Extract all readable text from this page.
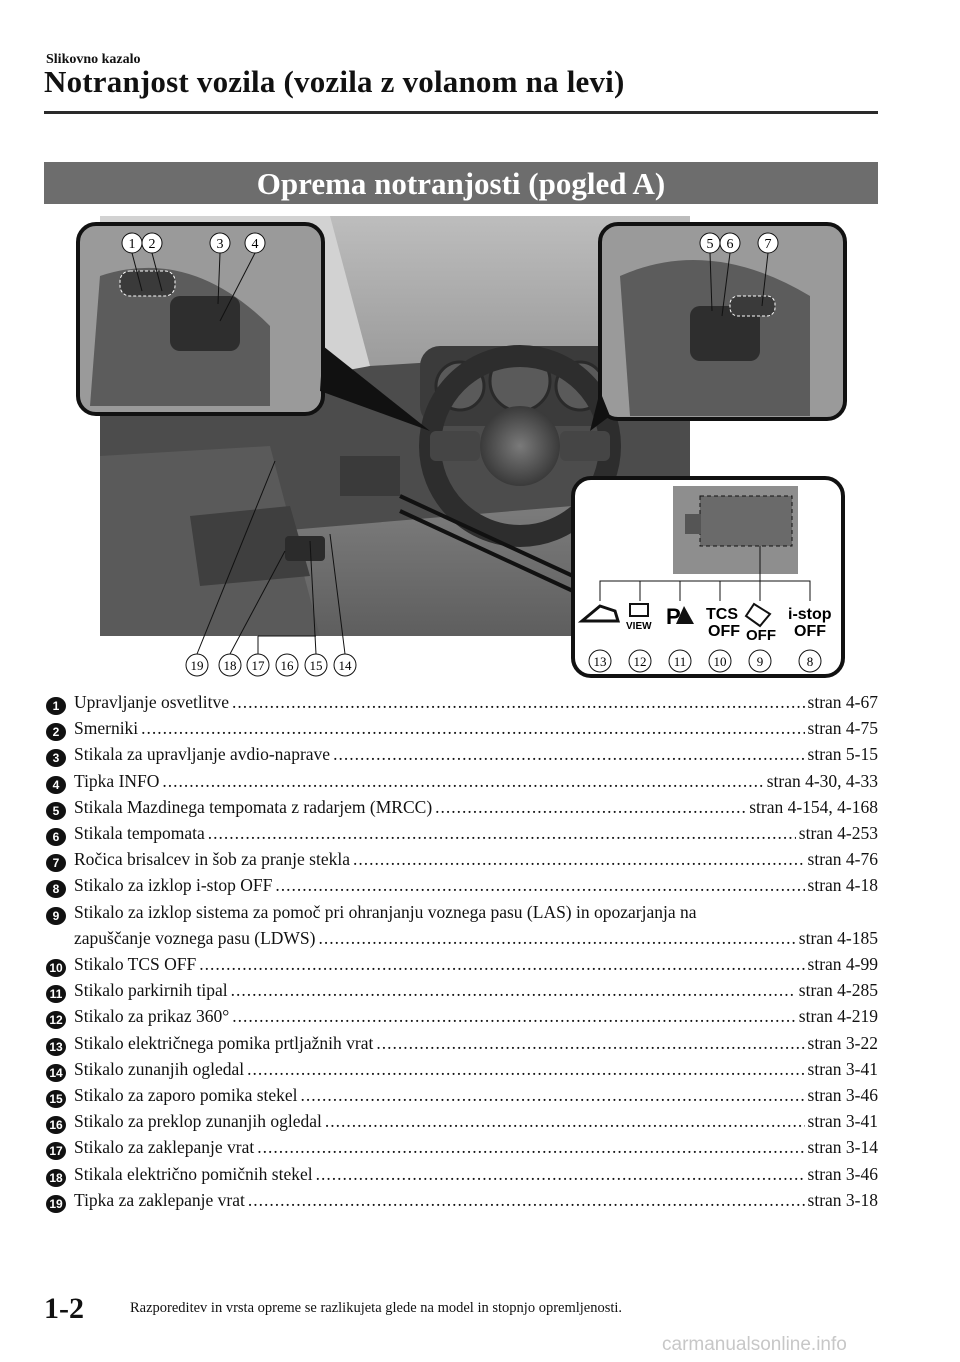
Slikovno kazalo
Notranjost vozila (vozila z volanom na levi)
Oprema notranjosti (pogled A)
VIEW P TCS
OFF OFF
i-stop
OFF
1 2	3 4	5 6 7
19 18 17 16 15 14	13 12 11 10 9	8
1 Upravljanje osvetlitve .....	stran 4-67
2 Smerniki .....	stran 4-75
3 Stikala za upravljanje avdio-naprave .....	stran 5-15
4 Tipka INFO .....	stran 4-30, 4-33
5 Stikala Mazdinega tempomata z radarjem (MRCC) .....	stran 4-154, 4-168
6 Stikala tempomata .....	stran 4-253
7 Ročica brisalcev in šob za pranje stekla .....	stran 4-76
8 Stikalo za izklop i-stop OFF .....	stran 4-18
9 Stikalo za izklop sistema za pomoč pri ohranjanju voznega pasu (LAS) in opozarjanja na
zapuščanje voznega pasu (LDWS) .....	stran 4-185
10 Stikalo TCS OFF .....	stran 4-99
11 Stikalo parkirnih tipal .....	stran 4-285
12 Stikalo za prikaz 360° .....	stran 4-219
13 Stikalo električnega pomika prtljažnih vrat .....	stran 3-22
14 Stikalo zunanjih ogledal .....	stran 3-41
15 Stikalo za zaporo pomika stekel .....	stran 3-46
16 Stikalo za preklop zunanjih ogledal .....	stran 3-41
17 Stikalo za zaklepanje vrat .....	stran 3-14
18 Stikala električno pomičnih stekel .....	stran 3-46
19 Tipka za zaklepanje vrat .....	stran 3-18
1-2	Razporeditev in vrsta opreme se razlikujeta glede na model in stopnjo opremljenosti.
carmanualsonline.info
